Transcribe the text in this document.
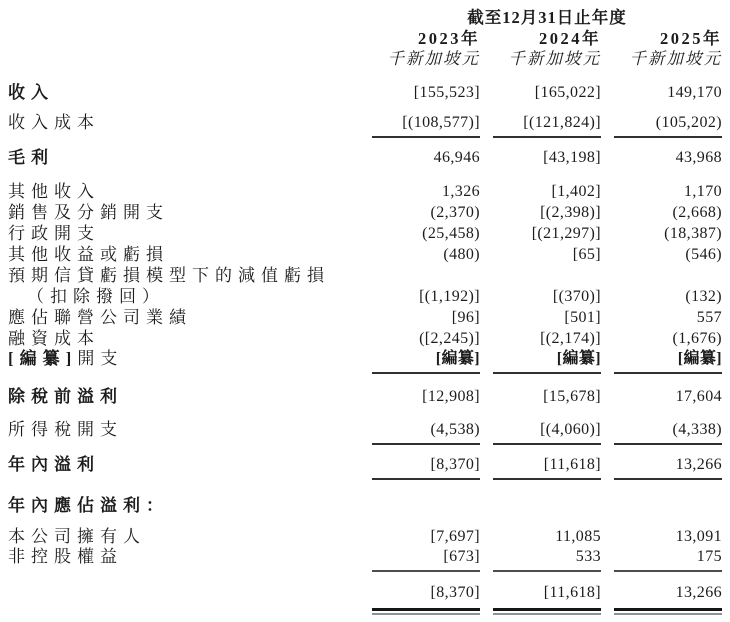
截至12月31日止年度
2023年	2024年	2025年
千新加坡元	千新加坡元	千新加坡元
收入	[155,523]	[165,022]	149,170
收入成本	[(108,577)]	[(121,824)]	(105,202)
毛利	46,946	[43,198]	43,968
其他收入	1,326	[1,402]	1,170
銷售及分銷開支	(2,370)	[(2,398)]	(2,668)
行政開支	(25,458)	[(21,297)]	(18,387)
其他收益或虧損	(480)	[65]	(546)
預期信貸虧損模型下的減值虧損
（扣除撥回）	[(1,192)]	[(370)]	(132)
應佔聯營公司業績	[96]	[501]	557
融資成本	([2,245)]	[(2,174)]	(1,676)
[編纂]開支	[編纂]	[編纂]	[編纂]
除稅前溢利	[12,908]	[15,678]	17,604
所得稅開支	(4,538)	[(4,060)]	(4,338)
年內溢利	[8,370]	[11,618]	13,266
年內應佔溢利：
本公司擁有人	[7,697]	11,085	13,091
非控股權益	[673]	533	175
[8,370]	[11,618]	13,266
